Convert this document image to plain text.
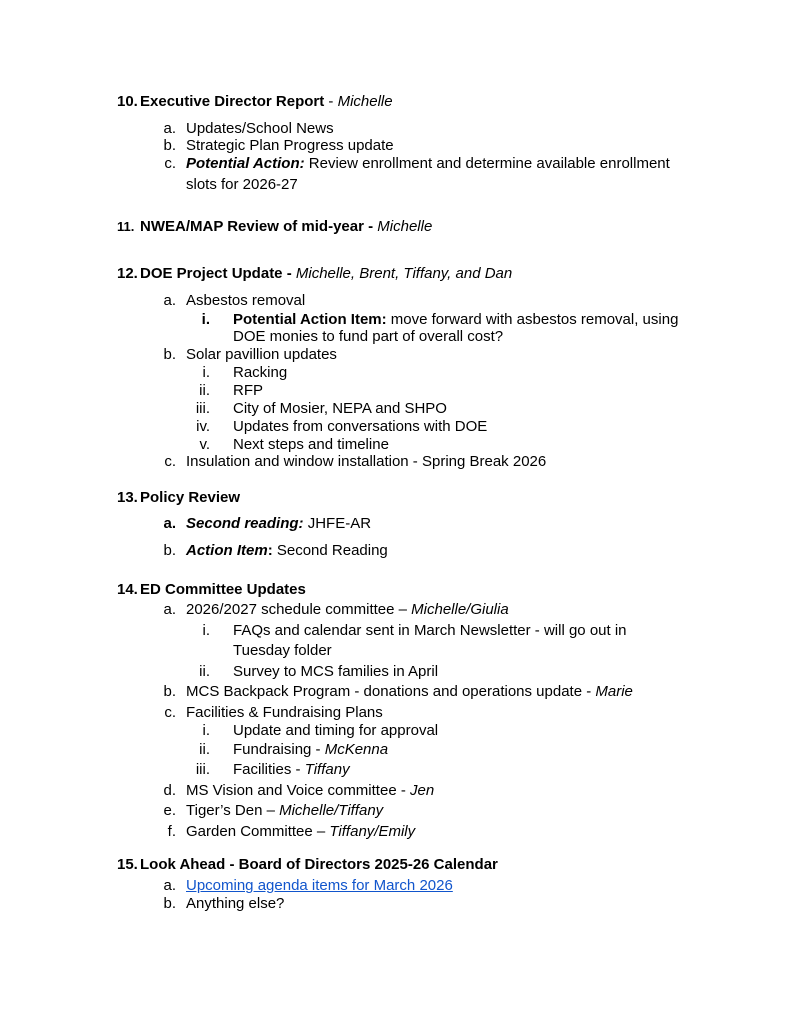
10. Executive Director Report - Michelle
a. Updates/School News
b. Strategic Plan Progress update
c. Potential Action: Review enrollment and determine available enrollment
slots for 2026-27
11. NWEA/MAP Review of mid-year - Michelle
12. DOE Project Update - Michelle, Brent, Tiffany, and Dan
a. Asbestos removal
i. Potential Action Item: move forward with asbestos removal, using
DOE monies to fund part of overall cost?
b. Solar pavillion updates
i. Racking
ii. RFP
iii. City of Mosier, NEPA and SHPO
iv. Updates from conversations with DOE
v. Next steps and timeline
c. Insulation and window installation - Spring Break 2026
13. Policy Review
a. Second reading: JHFE-AR
b. Action Item: Second Reading
14. ED Committee Updates
a. 2026/2027 schedule committee – Michelle/Giulia
i. FAQs and calendar sent in March Newsletter - will go out in
Tuesday folder
ii. Survey to MCS families in April
b. MCS Backpack Program - donations and operations update - Marie
c. Facilities & Fundraising Plans
i. Update and timing for approval
ii. Fundraising - McKenna
iii. Facilities - Tiffany
d. MS Vision and Voice committee - Jen
e. Tiger’s Den – Michelle/Tiffany
f. Garden Committee – Tiffany/Emily
15. Look Ahead - Board of Directors 2025-26 Calendar
a. Upcoming agenda items for March 2026
b. Anything else?
